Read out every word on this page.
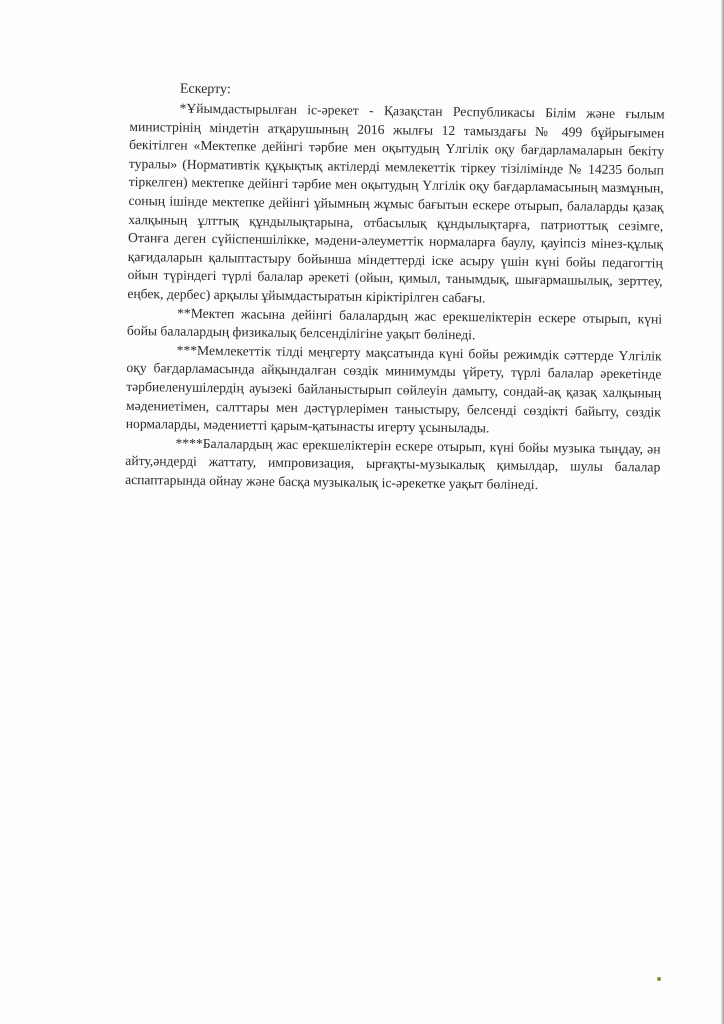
Ескерту:

*Ұйымдастырылған іс-әрекет - Қазақстан Республикасы Білім және ғылым министрінің міндетін атқарушының 2016 жылғы 12 тамыздағы № 499 бұйрығымен бекітілген «Мектепке дейінгі тәрбие мен оқытудың Үлгілік оқу бағдарламаларын бекіту туралы» (Нормативтік құқықтық актілерді мемлекеттік тіркеу тізілімінде № 14235 болып тіркелген) мектепке дейінгі тәрбие мен оқытудың Үлгілік оқу бағдарламасының мазмұнын, соның ішінде мектепке дейінгі ұйымның жұмыс бағытын ескере отырып, балаларды қазақ халқының ұлттық құндылықтарына, отбасылық құндылықтарға, патриоттық сезімге, Отанға деген сүйіспеншілікке, мәдени-әлеуметтік нормаларға баулу, қауіпсіз мінез-құлық қағидаларын қалыптастыру бойынша міндеттерді іске асыру үшін күні бойы педагогтің ойын түріндегі түрлі балалар әрекеті (ойын, қимыл, танымдық, шығармашылық, зерттеу, еңбек, дербес) арқылы ұйымдастыратын кіріктірілген сабағы.

**Мектеп жасына дейінгі балалардың жас ерекшеліктерін ескере отырып, күні бойы балалардың физикалық белсенділігіне уақыт бөлінеді.

***Мемлекеттік тілді меңгерту мақсатында күні бойы режимдік сәттерде Үлгілік оқу бағдарламасында айқындалған сөздік минимумды үйрету, түрлі балалар әрекетінде тәрбиеленушілердің ауызекі байланыстырып сөйлеуін дамыту, сондай-ақ қазақ халқының мәдениетімен, салттары мен дәстүрлерімен таныстыру, белсенді сөздікті байыту, сөздік нормаларды, мәдениетті қарым-қатынасты игерту ұсынылады.

****Балалардың жас ерекшеліктерін ескере отырып, күні бойы музыка тыңдау, ән айту,әндерді жаттату, импровизация, ырғақты-музыкалық қимылдар, шулы балалар аспаптарында ойнау және басқа музыкалық іс-әрекетке уақыт бөлінеді.
